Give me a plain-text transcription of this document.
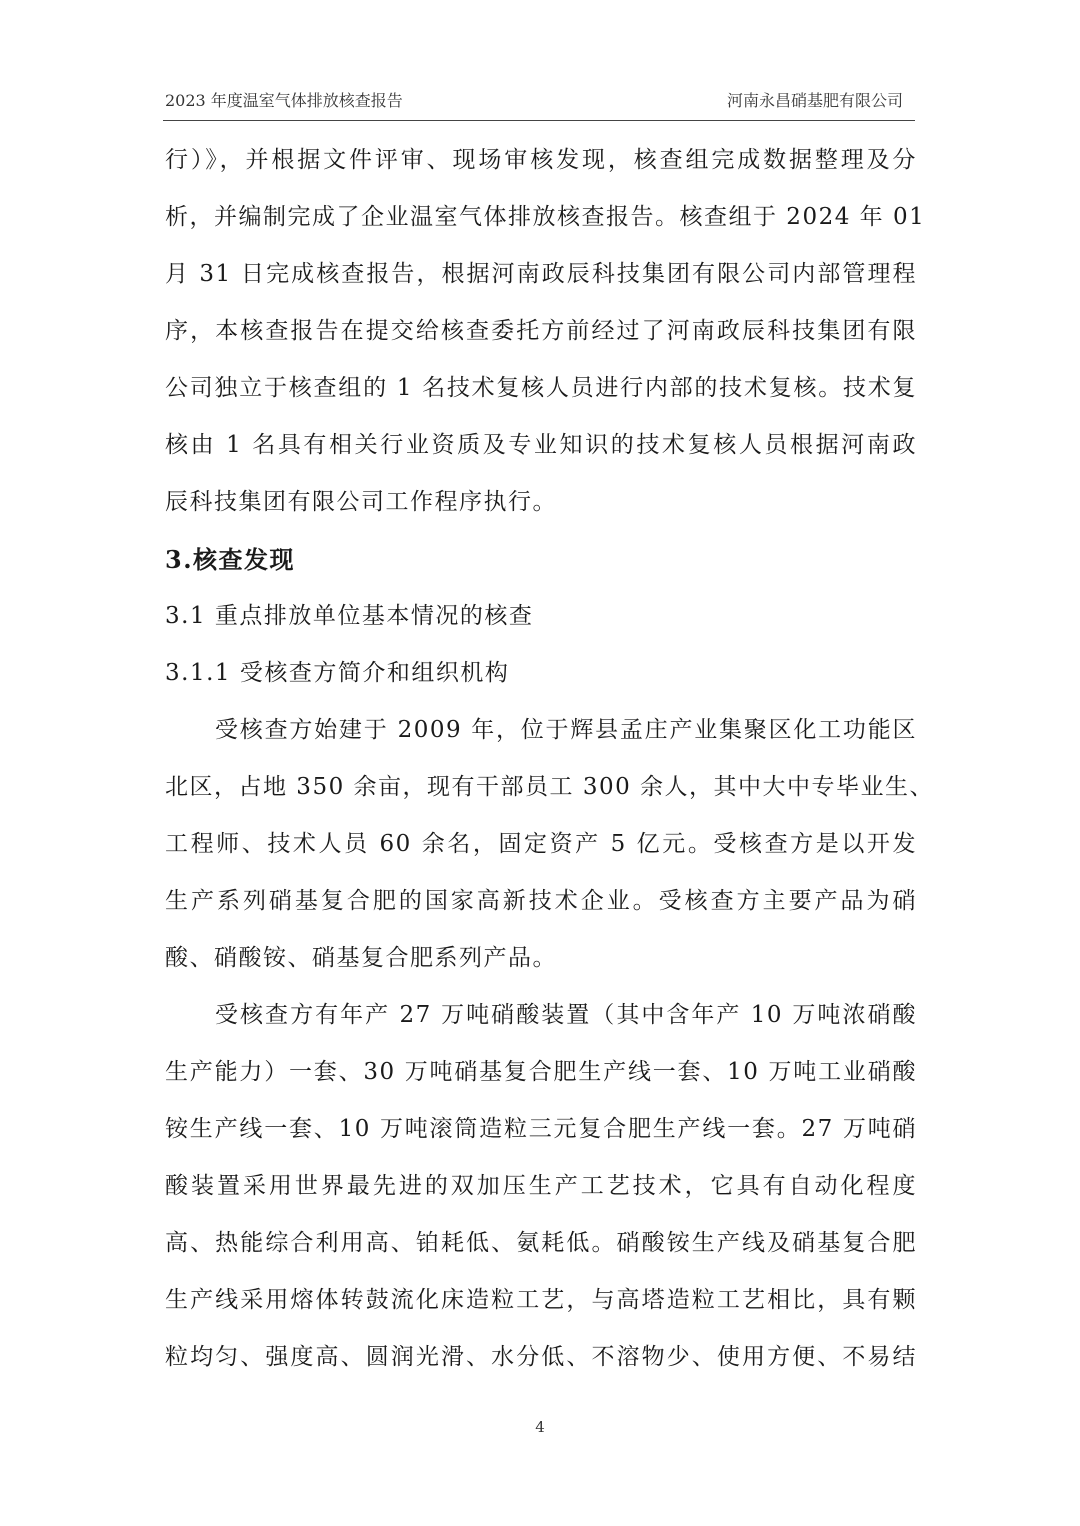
2023 年度温室气体排放核查报告	河南永昌硝基肥有限公司
行）》，并根据文件评审、现场审核发现，核查组完成数据整理及分
析，并编制完成了企业温室气体排放核查报告。核查组于 2024 年 01
月 31 日完成核查报告，根据河南政辰科技集团有限公司内部管理程
序，本核查报告在提交给核查委托方前经过了河南政辰科技集团有限
公司独立于核查组的 1 名技术复核人员进行内部的技术复核。技术复
核由 1 名具有相关行业资质及专业知识的技术复核人员根据河南政
辰科技集团有限公司工作程序执行。
3.核查发现
3.1 重点排放单位基本情况的核查
3.1.1 受核查方简介和组织机构
受核查方始建于 2009 年，位于辉县孟庄产业集聚区化工功能区
北区，占地 350 余亩，现有干部员工 300 余人，其中大中专毕业生、
工程师、技术人员 60 余名，固定资产 5 亿元。受核查方是以开发
生产系列硝基复合肥的国家高新技术企业。受核查方主要产品为硝
酸、硝酸铵、硝基复合肥系列产品。
受核查方有年产 27 万吨硝酸装置（其中含年产 10 万吨浓硝酸
生产能力）一套、30 万吨硝基复合肥生产线一套、10 万吨工业硝酸
铵生产线一套、10 万吨滚筒造粒三元复合肥生产线一套。27 万吨硝
酸装置采用世界最先进的双加压生产工艺技术，它具有自动化程度
高、热能综合利用高、铂耗低、氨耗低。硝酸铵生产线及硝基复合肥
生产线采用熔体转鼓流化床造粒工艺，与高塔造粒工艺相比，具有颗
粒均匀、强度高、圆润光滑、水分低、不溶物少、使用方便、不易结
4
